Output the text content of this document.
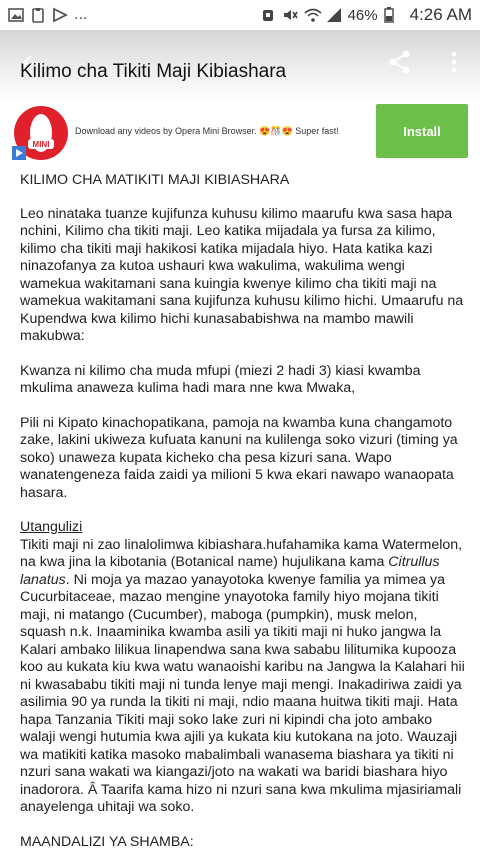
...	46% 4:26 AM
Kilimo cha Tikiti Maji Kibiashara
MINI
Download any videos by Opera Mini Browser. 😍🎊😍 Super fast!	Install
KILIMO CHA MATIKITI MAJI KIBIASHARA

Leo ninataka tuanze kujifunza kuhusu kilimo maarufu kwa sasa hapa nchini, Kilimo cha tikiti maji. Leo katika mijadala ya fursa za kilimo, kilimo cha tikiti maji hakikosi katika mijadala hiyo. Hata katika kazi ninazofanya za kutoa ushauri kwa wakulima, wakulima wengi wamekua wakitamani sana kuingia kwenye kilimo cha tikiti maji na wamekua wakitamani sana kujifunza kuhusu kilimo hichi. Umaarufu na Kupendwa kwa kilimo hichi kunasababishwa na mambo mawili makubwa:

Kwanza ni kilimo cha muda mfupi (miezi 2 hadi 3) kiasi kwamba mkulima anaweza kulima hadi mara nne kwa Mwaka,

Pili ni Kipato kinachopatikana, pamoja na kwamba kuna changamoto zake, lakini ukiweza kufuata kanuni na kulilenga soko vizuri (timing ya soko) unaweza kupata kicheko cha pesa kizuri sana. Wapo wanatengeneza faida zaidi ya milioni 5 kwa ekari nawapo wanaopata hasara.

Utangulizi

Tikiti maji ni zao linalolimwa kibiashara.hufahamika kama Watermelon, na kwa jina la kibotania (Botanical name) hujulikana kama Citrullus lanatus. Ni moja ya mazao yanayotoka kwenye familia ya mimea ya Cucurbitaceae, mazao mengine ynayotoka family hiyo mojana tikiti maji, ni matango (Cucumber), maboga (pumpkin), musk melon, squash n.k. Inaaminika kwamba asili ya tikiti maji ni huko jangwa la Kalari ambako lilikua linapendwa sana kwa sababu lilitumika kupooza koo au kukata kiu kwa watu wanaoishi karibu na Jangwa la Kalahari hii ni kwasababu tikiti maji ni tunda lenye maji mengi. Inakadiriwa zaidi ya asilimia 90 ya runda la tikiti ni maji, ndio maana huitwa tikiti maji. Hata hapa Tanzania Tikiti maji soko lake zuri ni kipindi cha joto ambako walaji wengi hutumia kwa ajili ya kukata kiu kutokana na joto. Wauzaji wa matikiti katika masoko mabalimbali wanasema biashara ya tikiti ni nzuri sana wakati wa kiangazi/joto na wakati wa baridi biashara hiyo inadorora. Â Taarifa kama hizo ni nzuri sana kwa mkulima mjasiriamali anayelenga uhitaji wa soko.

MAANDALIZI YA SHAMBA:
